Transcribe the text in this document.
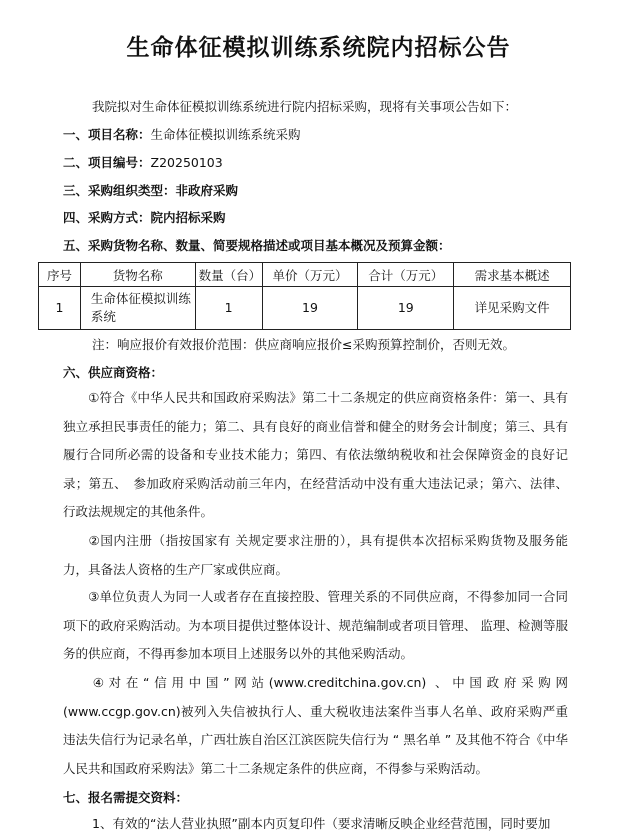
生命体征模拟训练系统院内招标公告
我院拟对生命体征模拟训练系统进行院内招标采购，现将有关事项公告如下：
一、项目名称：生命体征模拟训练系统采购
二、项目编号：Z20250103
三、采购组织类型：非政府采购
四、采购方式：院内招标采购
五、采购货物名称、数量、简要规格描述或项目基本概况及预算金额：
序号	货物名称	数量（台）	单价（万元）	合计（万元）	需求基本概述
1	生命体征模拟训练系统	1	19	19	详见采购文件
注：响应报价有效报价范围：供应商响应报价≤采购预算控制价，否则无效。
六、供应商资格：
①符合《中华人民共和国政府采购法》第二十二条规定的供应商资格条件：第一、具有独立承担民事责任的能力；第二、具有良好的商业信誉和健全的财务会计制度；第三、具有履行合同所必需的设备和专业技术能力；第四、有依法缴纳税收和社会保障资金的良好记录；第五、　参加政府采购活动前三年内，在经营活动中没有重大违法记录；第六、法律、行政法规规定的其他条件。
②国内注册（指按国家有 关规定要求注册的），具有提供本次招标采购货物及服务能力，具备法人资格的生产厂家或供应商。
③单位负责人为同一人或者存在直接控股、管理关系的不同供应商，不得参加同一合同项下的政府采购活动。为本项目提供过整体设计、规范编制或者项目管理、 监理、检测等服务的供应商，不得再参加本项目上述服务以外的其他采购活动。
④对在“信用中国”网站(www.creditchina.gov.cn) 、中国政府采购网(www.ccgp.gov.cn)被列入失信被执行人、重大税收违法案件当事人名单、政府采购严重违法失信行为记录名单，广西壮族自治区江滨医院失信行为 “ 黑名单 ” 及其他不符合《中华人民共和国政府采购法》第二十二条规定条件的供应商，不得参与采购活动。
七、报名需提交资料：
1、有效的“法人营业执照”副本内页复印件（要求清晰反映企业经营范围，同时要加
